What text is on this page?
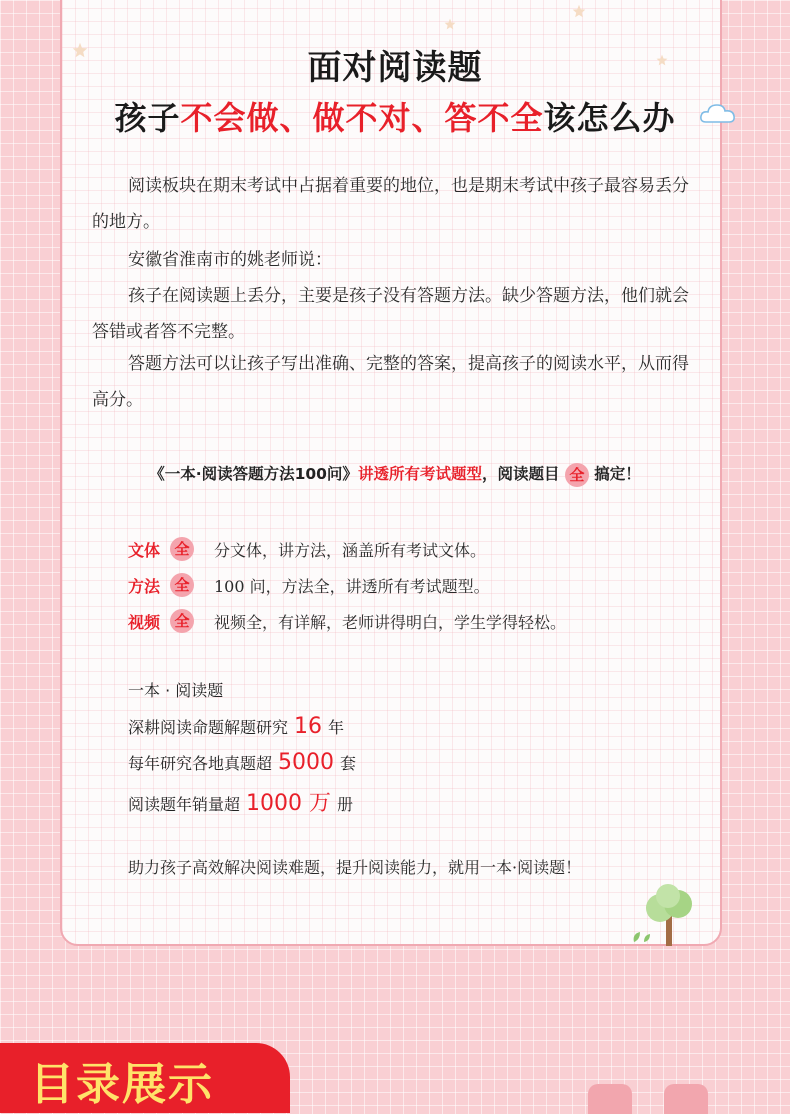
面对阅读题
孩子不会做、做不对、答不全该怎么办

阅读板块在期末考试中占据着重要的地位，也是期末考试中孩子最容易丢分的地方。

安徽省淮南市的姚老师说：

孩子在阅读题上丢分，主要是孩子没有答题方法。缺少答题方法，他们就会答错或者答不完整。

答题方法可以让孩子写出准确、完整的答案，提高孩子的阅读水平，从而得高分。

《一本·阅读答题方法100问》讲透所有考试题型，阅读题目 全 搞定！
文体 全 分文体，讲方法，涵盖所有考试文体。
方法 全 100 问，方法全，讲透所有考试题型。
视频 全 视频全，有详解，老师讲得明白，学生学得轻松。
一本 · 阅读题
深耕阅读命题解题研究 16 年
每年研究各地真题超 5000 套
阅读题年销量超 1000 万 册
助力孩子高效解决阅读难题，提升阅读能力，就用一本·阅读题！
目录展示
